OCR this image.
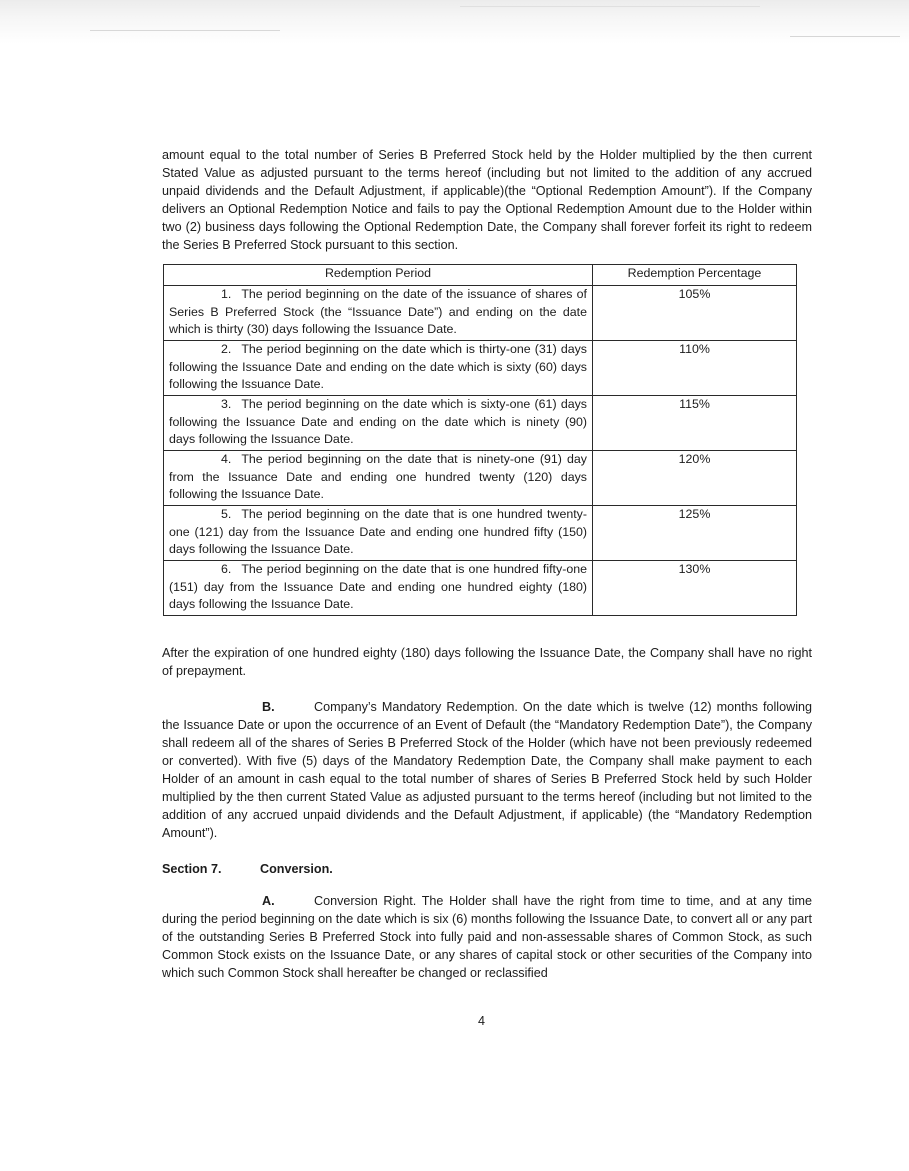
amount equal to the total number of Series B Preferred Stock held by the Holder multiplied by the then current Stated Value as adjusted pursuant to the terms hereof (including but not limited to the addition of any accrued unpaid dividends and the Default Adjustment, if applicable)(the “Optional Redemption Amount”). If the Company delivers an Optional Redemption Notice and fails to pay the Optional Redemption Amount due to the Holder within two (2) business days following the Optional Redemption Date, the Company shall forever forfeit its right to redeem the Series B Preferred Stock pursuant to this section.

Redemption Period	Redemption Percentage
1. The period beginning on the date of the issuance of shares of Series B Preferred Stock (the “Issuance Date”) and ending on the date which is thirty (30) days following the Issuance Date.	105%
2. The period beginning on the date which is thirty-one (31) days following the Issuance Date and ending on the date which is sixty (60) days following the Issuance Date.	110%
3. The period beginning on the date which is sixty-one (61) days following the Issuance Date and ending on the date which is ninety (90) days following the Issuance Date.	115%
4. The period beginning on the date that is ninety-one (91) day from the Issuance Date and ending one hundred twenty (120) days following the Issuance Date.	120%
5. The period beginning on the date that is one hundred twenty-one (121) day from the Issuance Date and ending one hundred fifty (150) days following the Issuance Date.	125%
6. The period beginning on the date that is one hundred fifty-one (151) day from the Issuance Date and ending one hundred eighty (180) days following the Issuance Date.	130%

After the expiration of one hundred eighty (180) days following the Issuance Date, the Company shall have no right of prepayment.

B.	Company’s Mandatory Redemption. On the date which is twelve (12) months following the Issuance Date or upon the occurrence of an Event of Default (the “Mandatory Redemption Date”), the Company shall redeem all of the shares of Series B Preferred Stock of the Holder (which have not been previously redeemed or converted). With five (5) days of the Mandatory Redemption Date, the Company shall make payment to each Holder of an amount in cash equal to the total number of shares of Series B Preferred Stock held by such Holder multiplied by the then current Stated Value as adjusted pursuant to the terms hereof (including but not limited to the addition of any accrued unpaid dividends and the Default Adjustment, if applicable) (the “Mandatory Redemption Amount”).

Section 7.	Conversion.

A.	Conversion Right. The Holder shall have the right from time to time, and at any time during the period beginning on the date which is six (6) months following the Issuance Date, to convert all or any part of the outstanding Series B Preferred Stock into fully paid and non-assessable shares of Common Stock, as such Common Stock exists on the Issuance Date, or any shares of capital stock or other securities of the Company into which such Common Stock shall hereafter be changed or reclassified

4
